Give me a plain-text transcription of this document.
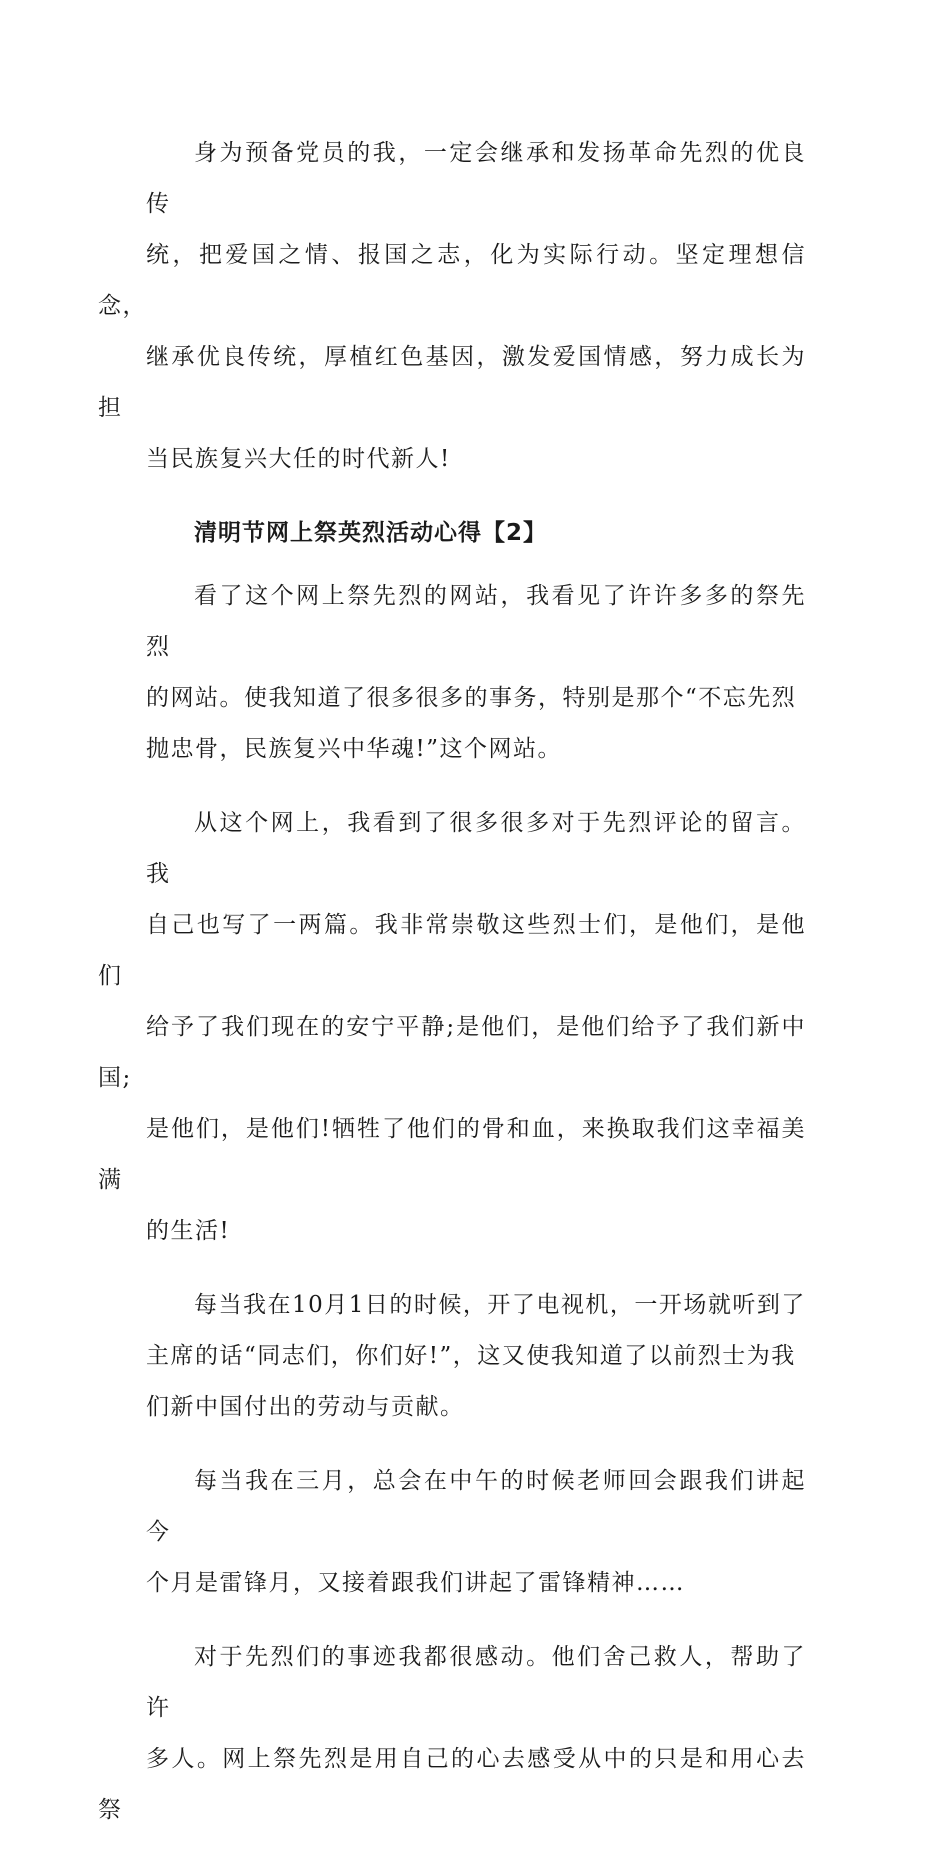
身为预备党员的我，一定会继承和发扬革命先烈的优良传
统，把爱国之情、报国之志，化为实际行动。坚定理想信念，
继承优良传统，厚植红色基因，激发爱国情感，努力成长为担
当民族复兴大任的时代新人!

清明节网上祭英烈活动心得【2】

看了这个网上祭先烈的网站，我看见了许许多多的祭先烈
的网站。使我知道了很多很多的事务，特别是那个“不忘先烈
抛忠骨，民族复兴中华魂!”这个网站。

从这个网上，我看到了很多很多对于先烈评论的留言。我
自己也写了一两篇。我非常崇敬这些烈士们，是他们，是他们
给予了我们现在的安宁平静;是他们，是他们给予了我们新中国;
是他们，是他们!牺牲了他们的骨和血，来换取我们这幸福美满
的生活!

每当我在10月1日的时候，开了电视机，一开场就听到了
主席的话“同志们，你们好!”，这又使我知道了以前烈士为我
们新中国付出的劳动与贡献。

每当我在三月，总会在中午的时候老师回会跟我们讲起今
个月是雷锋月，又接着跟我们讲起了雷锋精神……

对于先烈们的事迹我都很感动。他们舍己救人，帮助了许
多人。网上祭先烈是用自己的心去感受从中的只是和用心去祭
